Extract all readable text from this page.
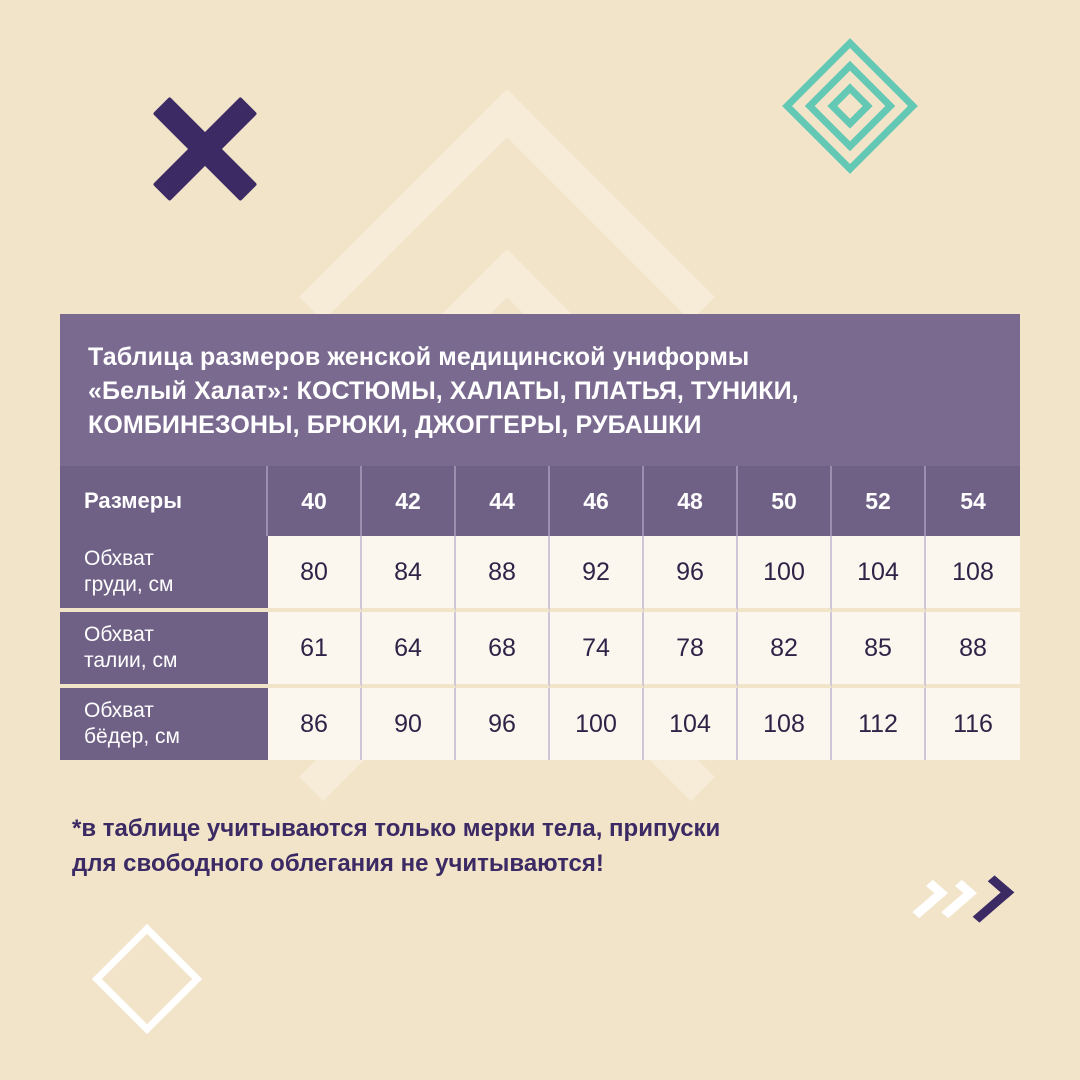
Таблица размеров женской медицинской униформы
«Белый Халат»: КОСТЮМЫ, ХАЛАТЫ, ПЛАТЬЯ, ТУНИКИ,
КОМБИНЕЗОНЫ, БРЮКИ, ДЖОГГЕРЫ, РУБАШКИ
Размеры	40	42	44	46	48	50	52	54

Обхват
груди, см	80	84	88	92	96	100	104	108

Обхват
талии, см	61	64	68	74	78	82	85	88

Обхват
бёдер, см	86	90	96	100	104	108	112	116
*в таблице учитываются только мерки тела, припуски
для свободного облегания не учитываются!
